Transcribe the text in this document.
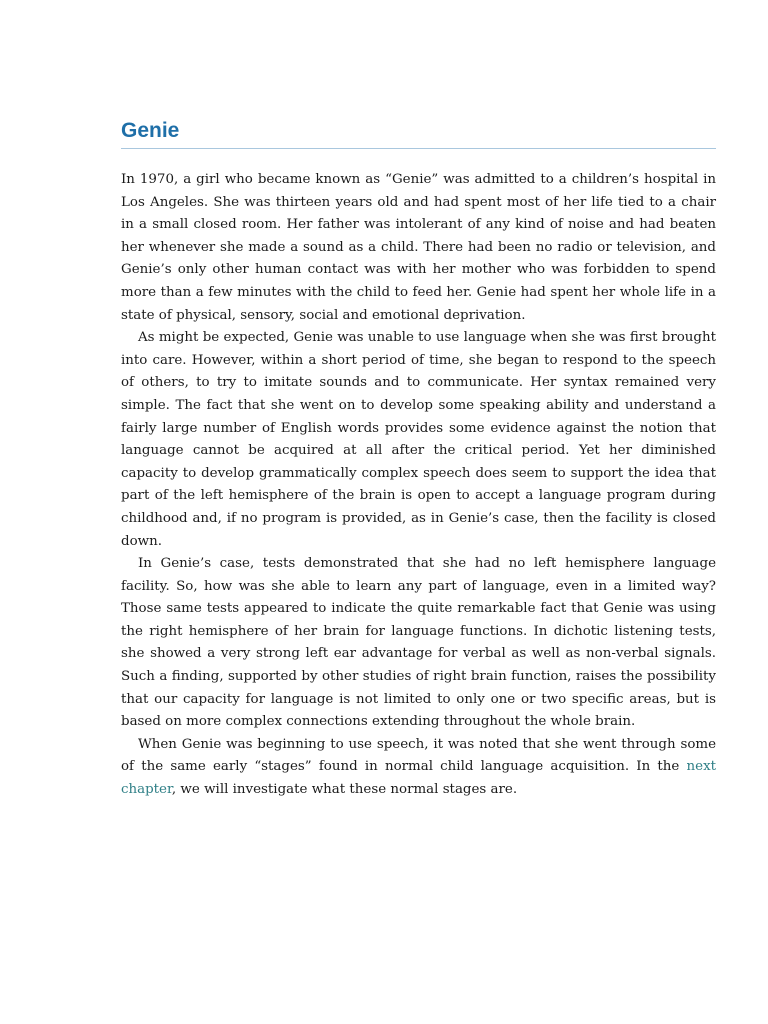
Genie

In 1970, a girl who became known as “Genie” was admitted to a children’s hospital in Los Angeles. She was thirteen years old and had spent most of her life tied to a chair in a small closed room. Her father was intolerant of any kind of noise and had beaten her whenever she made a sound as a child. There had been no radio or television, and Genie’s only other human contact was with her mother who was forbidden to spend more than a few minutes with the child to feed her. Genie had spent her whole life in a state of physical, sensory, social and emotional deprivation.

As might be expected, Genie was unable to use language when she was first brought into care. However, within a short period of time, she began to respond to the speech of others, to try to imitate sounds and to communicate. Her syntax remained very simple. The fact that she went on to develop some speaking ability and understand a fairly large number of English words provides some evidence against the notion that language cannot be acquired at all after the critical period. Yet her diminished capacity to develop grammatically complex speech does seem to support the idea that part of the left hemisphere of the brain is open to accept a language program during childhood and, if no program is provided, as in Genie’s case, then the facility is closed down.

In Genie’s case, tests demonstrated that she had no left hemisphere language facility. So, how was she able to learn any part of language, even in a limited way? Those same tests appeared to indicate the quite remarkable fact that Genie was using the right hemisphere of her brain for language functions. In dichotic listening tests, she showed a very strong left ear advantage for verbal as well as non-verbal signals. Such a finding, supported by other studies of right brain function, raises the possibility that our capacity for language is not limited to only one or two specific areas, but is based on more complex connections extending throughout the whole brain.

When Genie was beginning to use speech, it was noted that she went through some of the same early “stages” found in normal child language acquisition. In the next chapter, we will investigate what these normal stages are.
